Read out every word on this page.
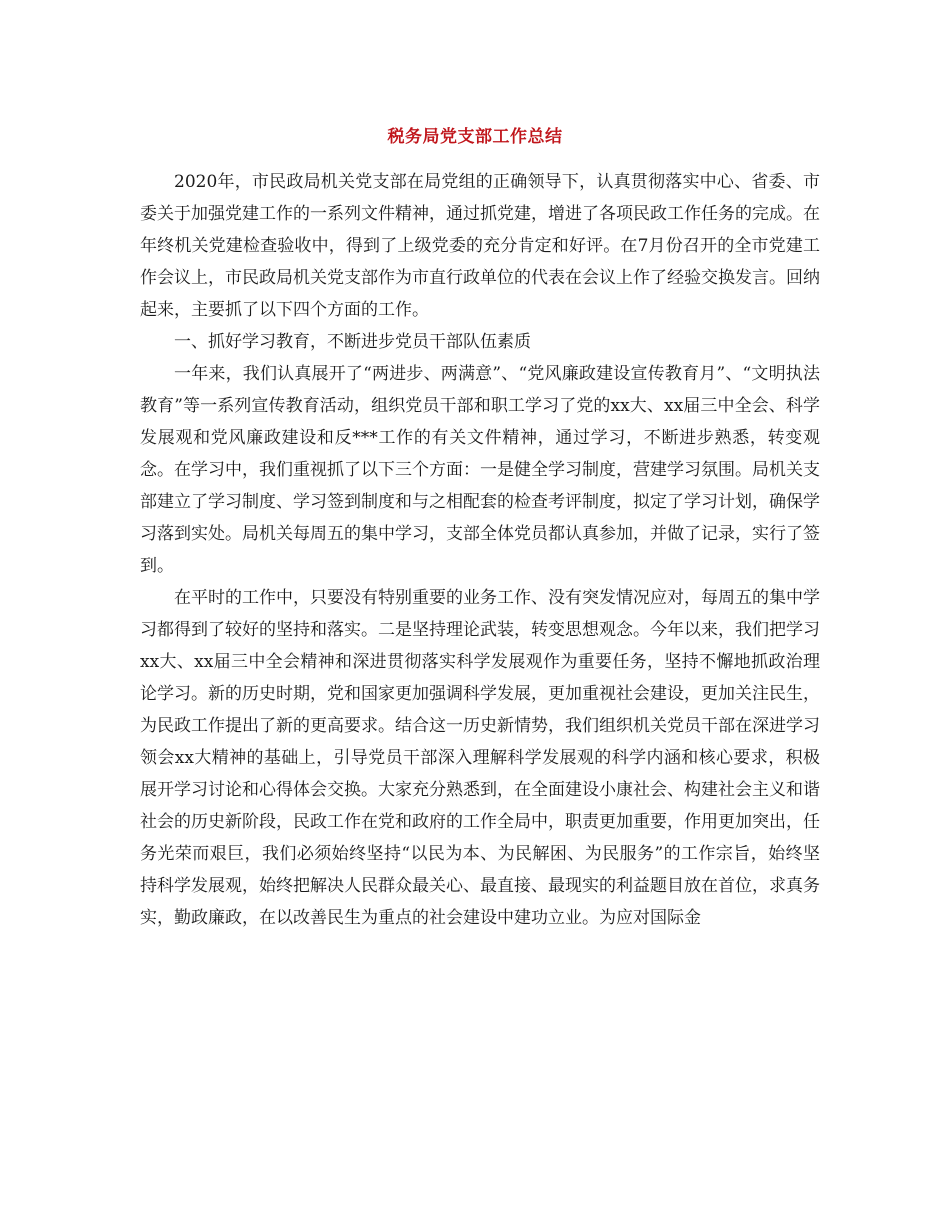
税务局党支部工作总结

2020年，市民政局机关党支部在局党组的正确领导下，认真贯彻落实中心、省委、市委关于加强党建工作的一系列文件精神，通过抓党建，增进了各项民政工作任务的完成。在年终机关党建检查验收中，得到了上级党委的充分肯定和好评。在7月份召开的全市党建工作会议上，市民政局机关党支部作为市直行政单位的代表在会议上作了经验交换发言。回纳起来，主要抓了以下四个方面的工作。

一、抓好学习教育，不断进步党员干部队伍素质

一年来，我们认真展开了“两进步、两满意”、“党风廉政建设宣传教育月”、“文明执法教育”等一系列宣传教育活动，组织党员干部和职工学习了党的xx大、xx届三中全会、科学发展观和党风廉政建设和反***工作的有关文件精神，通过学习，不断进步熟悉，转变观念。在学习中，我们重视抓了以下三个方面：一是健全学习制度，营建学习氛围。局机关支部建立了学习制度、学习签到制度和与之相配套的检查考评制度，拟定了学习计划，确保学习落到实处。局机关每周五的集中学习，支部全体党员都认真参加，并做了记录，实行了签到。

在平时的工作中，只要没有特别重要的业务工作、没有突发情况应对，每周五的集中学习都得到了较好的坚持和落实。二是坚持理论武装，转变思想观念。今年以来，我们把学习xx大、xx届三中全会精神和深进贯彻落实科学发展观作为重要任务，坚持不懈地抓政治理论学习。新的历史时期，党和国家更加强调科学发展，更加重视社会建设，更加关注民生，为民政工作提出了新的更高要求。结合这一历史新情势，我们组织机关党员干部在深进学习领会xx大精神的基础上，引导党员干部深入理解科学发展观的科学内涵和核心要求，积极展开学习讨论和心得体会交换。大家充分熟悉到，在全面建设小康社会、构建社会主义和谐社会的历史新阶段，民政工作在党和政府的工作全局中，职责更加重要，作用更加突出，任务光荣而艰巨，我们必须始终坚持“以民为本、为民解困、为民服务”的工作宗旨，始终坚持科学发展观，始终把解决人民群众最关心、最直接、最现实的利益题目放在首位，求真务实，勤政廉政，在以改善民生为重点的社会建设中建功立业。为应对国际金
